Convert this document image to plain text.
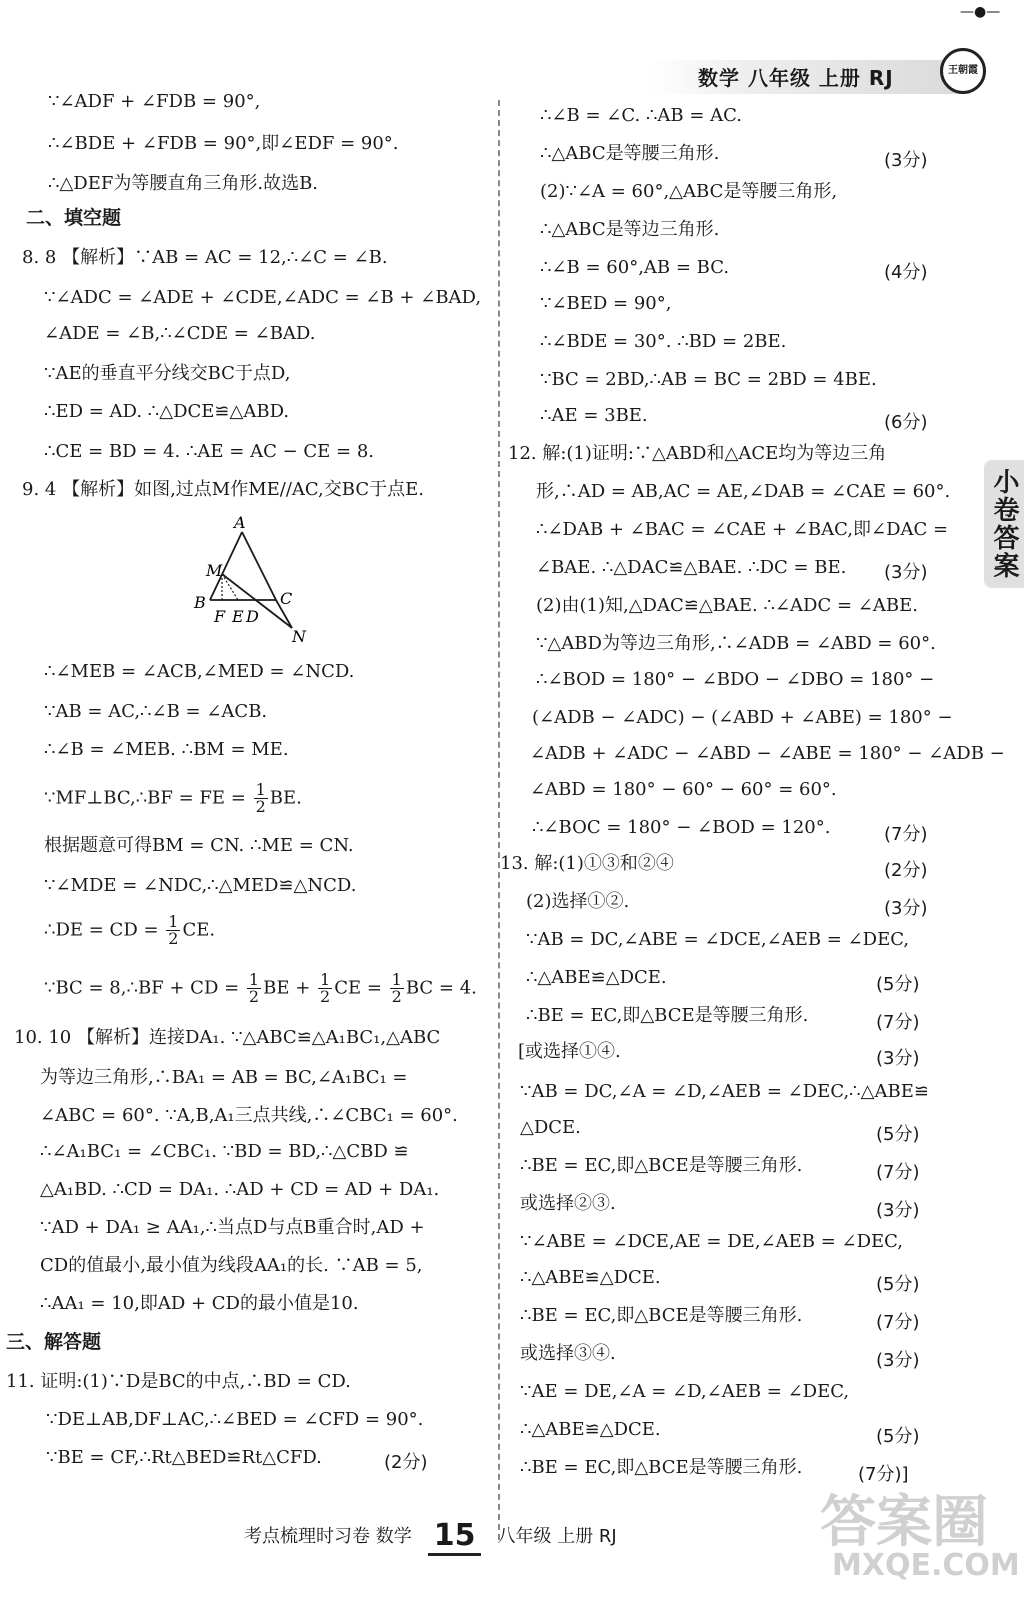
—●—
数学 八年级 上册 RJ	王朝霞
小卷答案
∵∠ADF + ∠FDB = 90°,
∴∠BDE + ∠FDB = 90°,即∠EDF = 90°.
∴△DEF为等腰直角三角形.故选B.
二、填空题
8. 8 【解析】∵AB = AC = 12,∴∠C = ∠B.
∵∠ADC = ∠ADE + ∠CDE,∠ADC = ∠B + ∠BAD,
∠ADE = ∠B,∴∠CDE = ∠BAD.
∵AE的垂直平分线交BC于点D,
∴ED = AD. ∴△DCE≌△ABD.
∴CE = BD = 4. ∴AE = AC − CE = 8.
9. 4 【解析】如图,过点M作ME//AC,交BC于点E.
A
M
B
F E D
C
N
∴∠MEB = ∠ACB,∠MED = ∠NCD.
∵AB = AC,∴∠B = ∠ACB.
∴∠B = ∠MEB. ∴BM = ME.
∵MF⊥BC,∴BF = FE = $\frac{1}{2}$ BE.
根据题意可得BM = CN. ∴ME = CN.
∵∠MDE = ∠NDC,∴△MED≌△NCD.
∴DE = CD = $\frac{1}{2}$ CE.
∵BC = 8,∴BF + CD = $\frac{1}{2}$ BE + $\frac{1}{2}$ CE = $\frac{1}{2}$ BC = 4.
10. 10 【解析】连接DA₁. ∵△ABC≌△A₁BC₁,△ABC
为等边三角形,∴BA₁ = AB = BC,∠A₁BC₁ =
∠ABC = 60°. ∵A,B,A₁三点共线,∴∠CBC₁ = 60°.
∴∠A₁BC₁ = ∠CBC₁. ∵BD = BD,∴△CBD ≌
△A₁BD. ∴CD = DA₁. ∴AD + CD = AD + DA₁.
∵AD + DA₁ ≥ AA₁,∴当点D与点B重合时,AD +
CD的值最小,最小值为线段AA₁的长. ∵AB = 5,
∴AA₁ = 10,即AD + CD的最小值是10.
三、解答题
11. 证明:(1)∵D是BC的中点,∴BD = CD.
∵DE⊥AB,DF⊥AC,∴∠BED = ∠CFD = 90°.
∵BE = CF,∴Rt△BED≌Rt△CFD.	(2分)
∴∠B = ∠C. ∴AB = AC.
∴△ABC是等腰三角形.	(3分)
(2)∵∠A = 60°,△ABC是等腰三角形,
∴△ABC是等边三角形.
∴∠B = 60°,AB = BC.	(4分)
∵∠BED = 90°,
∴∠BDE = 30°. ∴BD = 2BE.
∵BC = 2BD,∴AB = BC = 2BD = 4BE.
∴AE = 3BE.	(6分)
12. 解:(1)证明:∵△ABD和△ACE均为等边三角
形,∴AD = AB,AC = AE,∠DAB = ∠CAE = 60°.
∴∠DAB + ∠BAC = ∠CAE + ∠BAC,即∠DAC =
∠BAE. ∴△DAC≌△BAE. ∴DC = BE. (3分)
(2)由(1)知,△DAC≌△BAE. ∴∠ADC = ∠ABE.
∵△ABD为等边三角形,∴∠ADB = ∠ABD = 60°.
∴∠BOD = 180° − ∠BDO − ∠DBO = 180° −
(∠ADB − ∠ADC) − (∠ABD + ∠ABE) = 180° −
∠ADB + ∠ADC − ∠ABD − ∠ABE = 180° − ∠ADB −
∠ABD = 180° − 60° − 60° = 60°.
∴∠BOC = 180° − ∠BOD = 120°.	(7分)
13. 解:(1)①③和②④	(2分)
(2)选择①②.	(3分)
∵AB = DC,∠ABE = ∠DCE,∠AEB = ∠DEC,
∴△ABE≌△DCE.	(5分)
∴BE = EC,即△BCE是等腰三角形.	(7分)
[或选择①④.	(3分)
∵AB = DC,∠A = ∠D,∠AEB = ∠DEC,∴△ABE≌
△DCE.	(5分)
∴BE = EC,即△BCE是等腰三角形.	(7分)
或选择②③.	(3分)
∵∠ABE = ∠DCE,AE = DE,∠AEB = ∠DEC,
∴△ABE≌△DCE.	(5分)
∴BE = EC,即△BCE是等腰三角形.	(7分)
或选择③④.	(3分)
∵AE = DE,∠A = ∠D,∠AEB = ∠DEC,
∴△ABE≌△DCE.	(5分)
∴BE = EC,即△BCE是等腰三角形.	(7分)]
考点梳理时习卷 数学 15 八年级 上册 RJ	答案圈
MXQE.COM
